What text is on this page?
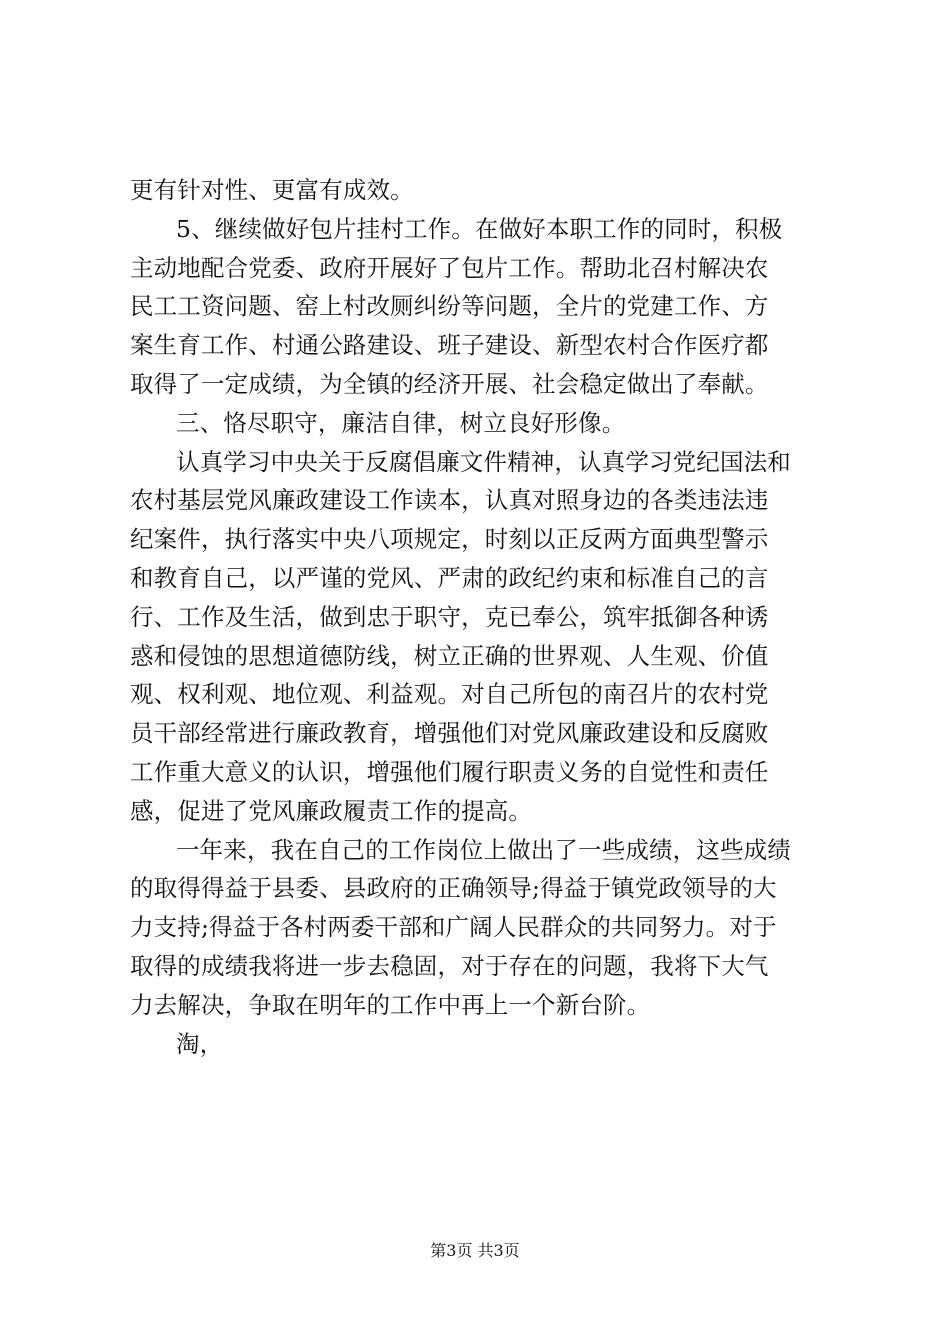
更有针对性、更富有成效。
5、继续做好包片挂村工作。在做好本职工作的同时，积极
主动地配合党委、政府开展好了包片工作。帮助北召村解决农
民工工资问题、窑上村改厕纠纷等问题，全片的党建工作、方
案生育工作、村通公路建设、班子建设、新型农村合作医疗都
取得了一定成绩，为全镇的经济开展、社会稳定做出了奉献。
三、恪尽职守，廉洁自律，树立良好形像。
认真学习中央关于反腐倡廉文件精神，认真学习党纪国法和
农村基层党风廉政建设工作读本，认真对照身边的各类违法违
纪案件，执行落实中央八项规定，时刻以正反两方面典型警示
和教育自己，以严谨的党风、严肃的政纪约束和标准自己的言
行、工作及生活，做到忠于职守，克已奉公，筑牢抵御各种诱
惑和侵蚀的思想道德防线，树立正确的世界观、人生观、价值
观、权利观、地位观、利益观。对自己所包的南召片的农村党
员干部经常进行廉政教育，增强他们对党风廉政建设和反腐败
工作重大意义的认识，增强他们履行职责义务的自觉性和责任
感，促进了党风廉政履责工作的提高。
一年来，我在自己的工作岗位上做出了一些成绩，这些成绩
的取得得益于县委、县政府的正确领导;得益于镇党政领导的大
力支持;得益于各村两委干部和广阔人民群众的共同努力。对于
取得的成绩我将进一步去稳固，对于存在的问题，我将下大气
力去解决，争取在明年的工作中再上一个新台阶。
淘，
第3页 共3页
